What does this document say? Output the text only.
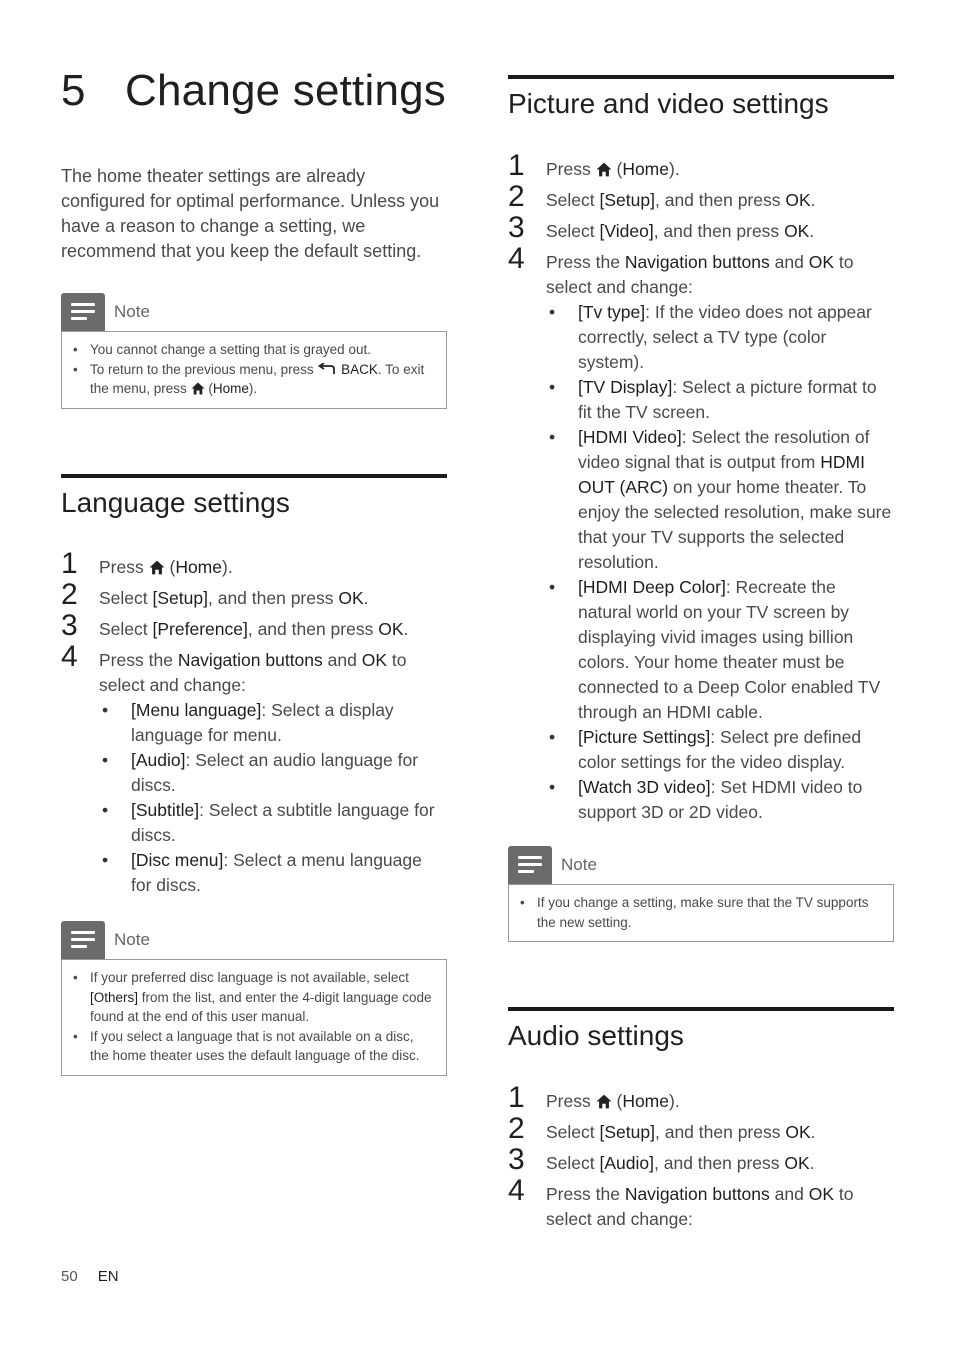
5 Change settings

The home theater settings are already configured for optimal performance. Unless you have a reason to change a setting, we recommend that you keep the default setting.

Note
• You cannot change a setting that is grayed out.
• To return to the previous menu, press BACK. To exit the menu, press  (Home).
Language settings
1 Press  (Home).
2 Select [Setup], and then press OK.
3 Select [Preference], and then press OK.
4 Press the Navigation buttons and OK to select and change:
• [Menu language]: Select a display language for menu.
• [Audio]: Select an audio language for discs.
• [Subtitle]: Select a subtitle language for discs.
• [Disc menu]: Select a menu language for discs.
Note
• If your preferred disc language is not available, select [Others] from the list, and enter the 4-digit language code found at the end of this user manual.
• If you select a language that is not available on a disc, the home theater uses the default language of the disc.
Picture and video settings
1 Press  (Home).
2 Select [Setup], and then press OK.
3 Select [Video], and then press OK.
4 Press the Navigation buttons and OK to select and change:
• [Tv type]: If the video does not appear correctly, select a TV type (color system).
• [TV Display]: Select a picture format to fit the TV screen.
• [HDMI Video]: Select the resolution of video signal that is output from HDMI OUT (ARC) on your home theater. To enjoy the selected resolution, make sure that your TV supports the selected resolution.
• [HDMI Deep Color]: Recreate the natural world on your TV screen by displaying vivid images using billion colors. Your home theater must be connected to a Deep Color enabled TV through an HDMI cable.
• [Picture Settings]: Select pre defined color settings for the video display.
• [Watch 3D video]: Set HDMI video to support 3D or 2D video.
Note
• If you change a setting, make sure that the TV supports the new setting.
Audio settings
1 Press  (Home).
2 Select [Setup], and then press OK.
3 Select [Audio], and then press OK.
4 Press the Navigation buttons and OK to select and change:
50 EN
